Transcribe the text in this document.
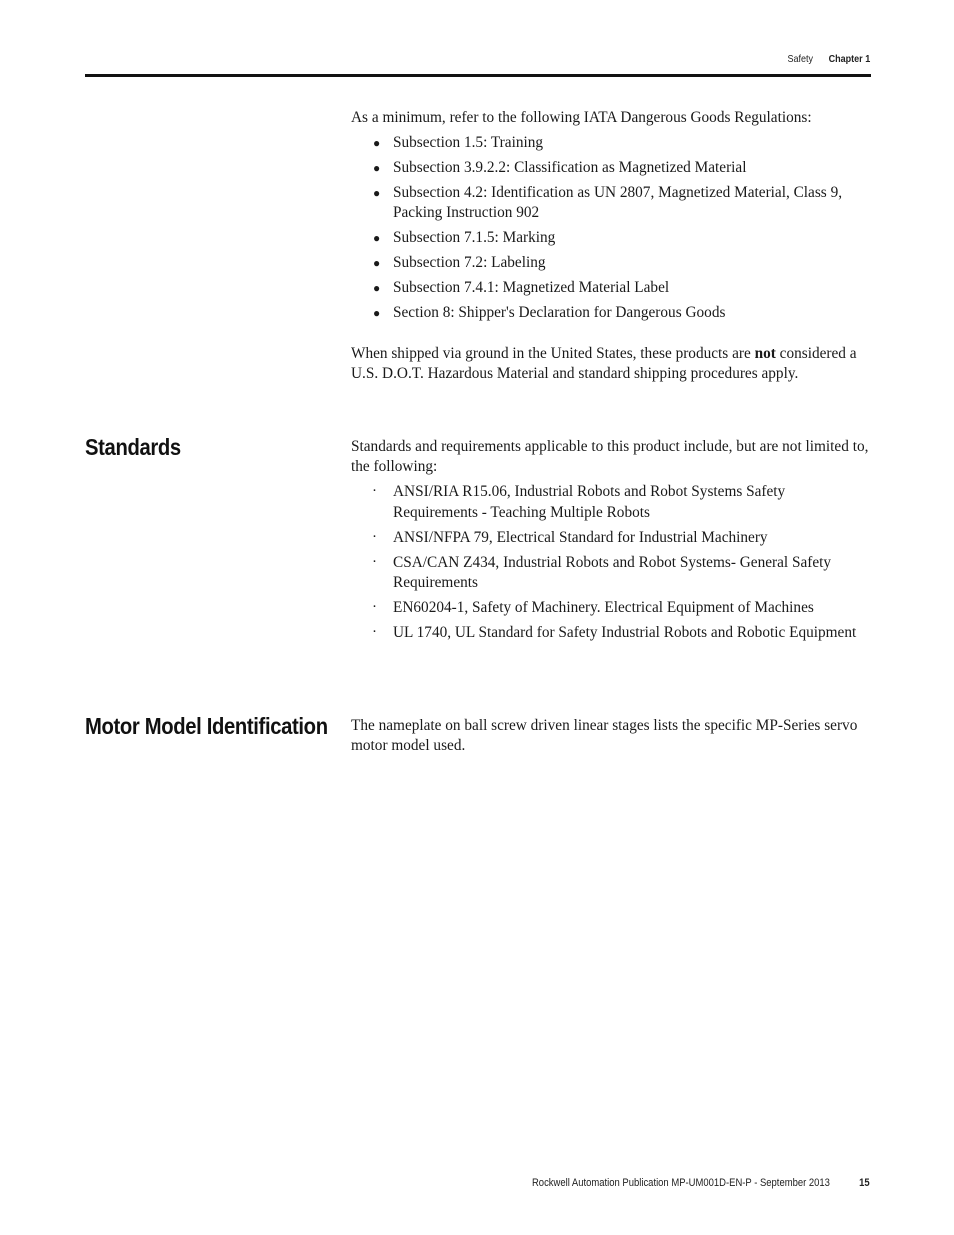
Safety Chapter 1

As a minimum, refer to the following IATA Dangerous Goods Regulations:

● Subsection 1.5: Training
● Subsection 3.9.2.2: Classification as Magnetized Material
● Subsection 4.2: Identification as UN 2807, Magnetized Material, Class 9, Packing Instruction 902
● Subsection 7.1.5: Marking
● Subsection 7.2: Labeling
● Subsection 7.4.1: Magnetized Material Label
● Section 8: Shipper's Declaration for Dangerous Goods

When shipped via ground in the United States, these products are not considered a U.S. D.O.T. Hazardous Material and standard shipping procedures apply.

Standards	Standards and requirements applicable to this product include, but are not limited to, the following:

· ANSI/RIA R15.06, Industrial Robots and Robot Systems Safety Requirements - Teaching Multiple Robots
· ANSI/NFPA 79, Electrical Standard for Industrial Machinery
· CSA/CAN Z434, Industrial Robots and Robot Systems- General Safety Requirements
· EN60204-1, Safety of Machinery. Electrical Equipment of Machines
· UL 1740, UL Standard for Safety Industrial Robots and Robotic Equipment
Motor Model Identification The nameplate on ball screw driven linear stages lists the specific MP-Series servo motor model used.

Rockwell Automation Publication MP-UM001D-EN-P - September 2013	15
